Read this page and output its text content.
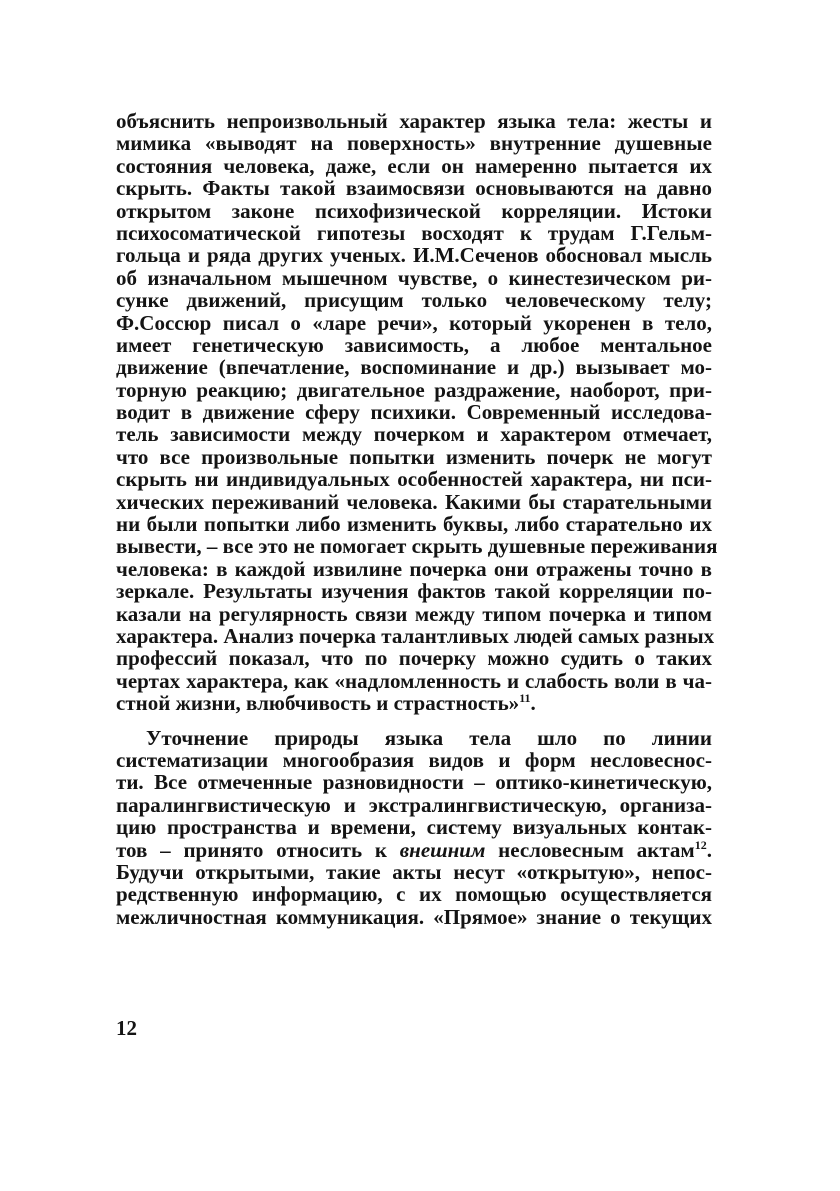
объяснить непроизвольный характер языка тела: жесты и
мимика «выводят на поверхность» внутренние душевные
состояния человека, даже, если он намеренно пытается их
скрыть. Факты такой взаимосвязи основываются на давно
открытом законе психофизической корреляции. Истоки
психосоматической гипотезы восходят к трудам Г.Гельм-
гольца и ряда других ученых. И.М.Сеченов обосновал мысль
об изначальном мышечном чувстве, о кинестезическом ри-
сунке движений, присущим только человеческому телу;
Ф.Соссюр писал о «ларе речи», который укоренен в тело,
имеет генетическую зависимость, а любое ментальное
движение (впечатление, воспоминание и др.) вызывает мо-
торную реакцию; двигательное раздражение, наоборот, при-
водит в движение сферу психики. Современный исследова-
тель зависимости между почерком и характером отмечает,
что все произвольные попытки изменить почерк не могут
скрыть ни индивидуальных особенностей характера, ни пси-
хических переживаний человека. Какими бы старательными
ни были попытки либо изменить буквы, либо старательно их
вывести, – все это не помогает скрыть душевные переживания
человека: в каждой извилине почерка они отражены точно в
зеркале. Результаты изучения фактов такой корреляции по-
казали на регулярность связи между типом почерка и типом
характера. Анализ почерка талантливых людей самых разных
профессий показал, что по почерку можно судить о таких
чертах характера, как «надломленность и слабость воли в ча-
стной жизни, влюбчивость и страстность»$^{11}$.
Уточнение природы языка тела шло по линии
систематизации многообразия видов и форм несловеснос-
ти. Все отмеченные разновидности – оптико-кинетическую,
паралингвистическую и экстралингвистическую, организа-
цию пространства и времени, систему визуальных контак-
тов – принято относить к внешним несловесным актам$^{12}$.
Будучи открытыми, такие акты несут «открытую», непос-
редственную информацию, с их помощью осуществляется
межличностная коммуникация. «Прямое» знание о текущих
12
